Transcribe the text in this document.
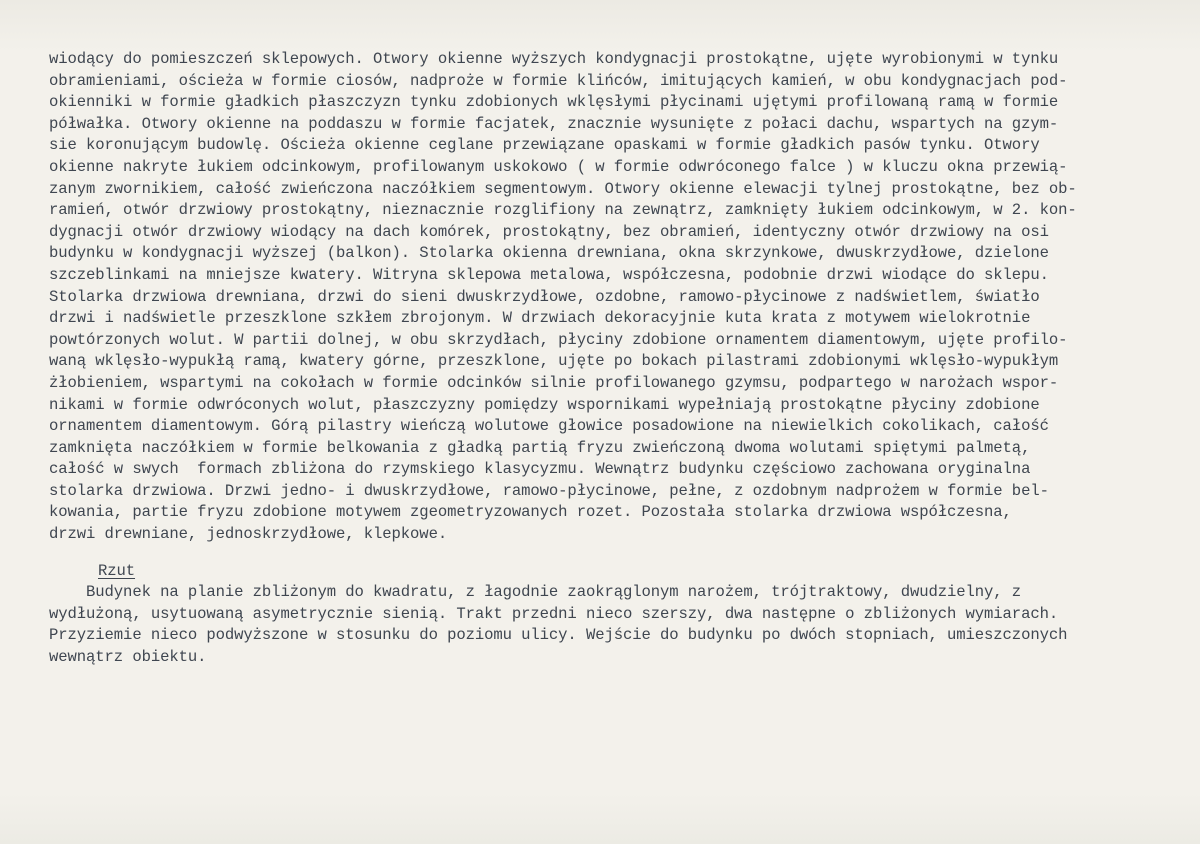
wiodący do pomieszczeń sklepowych. Otwory okienne wyższych kondygnacji prostokątne, ujęte wyrobionymi w tynku
obramieniami, ościeża w formie ciosów, nadproże w formie klińców, imitujących kamień, w obu kondygnacjach pod-
okienniki w formie gładkich płaszczyzn tynku zdobionych wklęsłymi płycinami ujętymi profilowaną ramą w formie
półwałka. Otwory okienne na poddaszu w formie facjatek, znacznie wysunięte z połaci dachu, wspartych na gzym-
sie koronującym budowlę. Ościeża okienne ceglane przewiązane opaskami w formie gładkich pasów tynku. Otwory
okienne nakryte łukiem odcinkowym, profilowanym uskokowo ( w formie odwróconego falce ) w kluczu okna przewią-
zanym zwornikiem, całość zwieńczona naczółkiem segmentowym. Otwory okienne elewacji tylnej prostokątne, bez ob-
ramień, otwór drzwiowy prostokątny, nieznacznie rozglifiony na zewnątrz, zamknięty łukiem odcinkowym, w 2. kon-
dygnacji otwór drzwiowy wiodący na dach komórek, prostokątny, bez obramień, identyczny otwór drzwiowy na osi
budynku w kondygnacji wyższej (balkon). Stolarka okienna drewniana, okna skrzynkowe, dwuskrzydłowe, dzielone
szczeblinkami na mniejsze kwatery. Witryna sklepowa metalowa, współczesna, podobnie drzwi wiodące do sklepu.
Stolarka drzwiowa drewniana, drzwi do sieni dwuskrzydłowe, ozdobne, ramowo-płycinowe z nadświetlem, światło
drzwi i nadświetle przeszklone szkłem zbrojonym. W drzwiach dekoracyjnie kuta krata z motywem wielokrotnie
powtórzonych wolut. W partii dolnej, w obu skrzydłach, płyciny zdobione ornamentem diamentowym, ujęte profilo-
waną wklęsło-wypukłą ramą, kwatery górne, przeszklone, ujęte po bokach pilastrami zdobionymi wklęsło-wypukłym
żłobieniem, wspartymi na cokołach w formie odcinków silnie profilowanego gzymsu, podpartego w narożach wspor-
nikami w formie odwróconych wolut, płaszczyzny pomiędzy wspornikami wypełniają prostokątne płyciny zdobione
ornamentem diamentowym. Górą pilastry wieńczą wolutowe głowice posadowione na niewielkich cokolikach, całość
zamknięta naczółkiem w formie belkowania z gładką partią fryzu zwieńczoną dwoma wolutami spiętymi palmetą,
całość w swych  formach zbliżona do rzymskiego klasycyzmu. Wewnątrz budynku częściowo zachowana oryginalna
stolarka drzwiowa. Drzwi jedno- i dwuskrzydłowe, ramowo-płycinowe, pełne, z ozdobnym nadprożem w formie bel-
kowania, partie fryzu zdobione motywem zgeometryzowanych rozet. Pozostała stolarka drzwiowa współczesna,
drzwi drewniane, jednoskrzydłowe, klepkowe.
Rzut
Budynek na planie zbliżonym do kwadratu, z łagodnie zaokrąglonym narożem, trójtraktowy, dwudzielny, z
wydłużoną, usytuowaną asymetrycznie sienią. Trakt przedni nieco szerszy, dwa następne o zbliżonych wymiarach.
Przyziemie nieco podwyższone w stosunku do poziomu ulicy. Wejście do budynku po dwóch stopniach, umieszczonych
wewnątrz obiektu.
